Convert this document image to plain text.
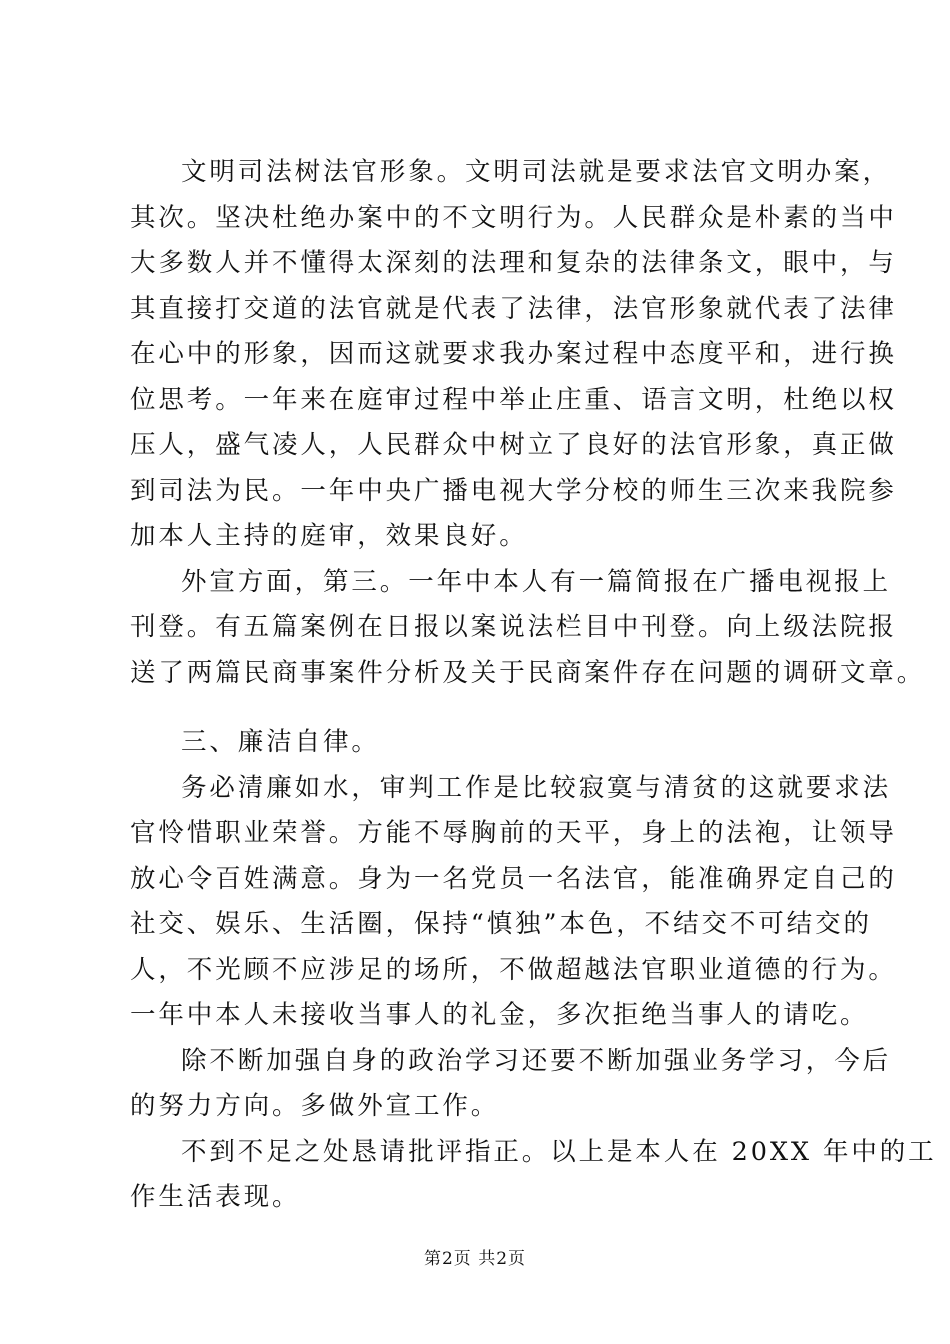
文明司法树法官形象。文明司法就是要求法官文明办案，
其次。坚决杜绝办案中的不文明行为。人民群众是朴素的当中
大多数人并不懂得太深刻的法理和复杂的法律条文，眼中，与
其直接打交道的法官就是代表了法律，法官形象就代表了法律
在心中的形象，因而这就要求我办案过程中态度平和，进行换
位思考。一年来在庭审过程中举止庄重、语言文明，杜绝以权
压人，盛气凌人，人民群众中树立了良好的法官形象，真正做
到司法为民。一年中央广播电视大学分校的师生三次来我院参
加本人主持的庭审，效果良好。
外宣方面，第三。一年中本人有一篇简报在广播电视报上
刊登。有五篇案例在日报以案说法栏目中刊登。向上级法院报
送了两篇民商事案件分析及关于民商案件存在问题的调研文章。
三、廉洁自律。
务必清廉如水，审判工作是比较寂寞与清贫的这就要求法
官怜惜职业荣誉。方能不辱胸前的天平，身上的法袍，让领导
放心令百姓满意。身为一名党员一名法官，能准确界定自己的
社交、娱乐、生活圈，保持“慎独”本色，不结交不可结交的
人，不光顾不应涉足的场所，不做超越法官职业道德的行为。
一年中本人未接收当事人的礼金，多次拒绝当事人的请吃。
除不断加强自身的政治学习还要不断加强业务学习，今后
的努力方向。多做外宣工作。
不到不足之处恳请批评指正。以上是本人在 20XX 年中的工
作生活表现。
第2页 共2页
